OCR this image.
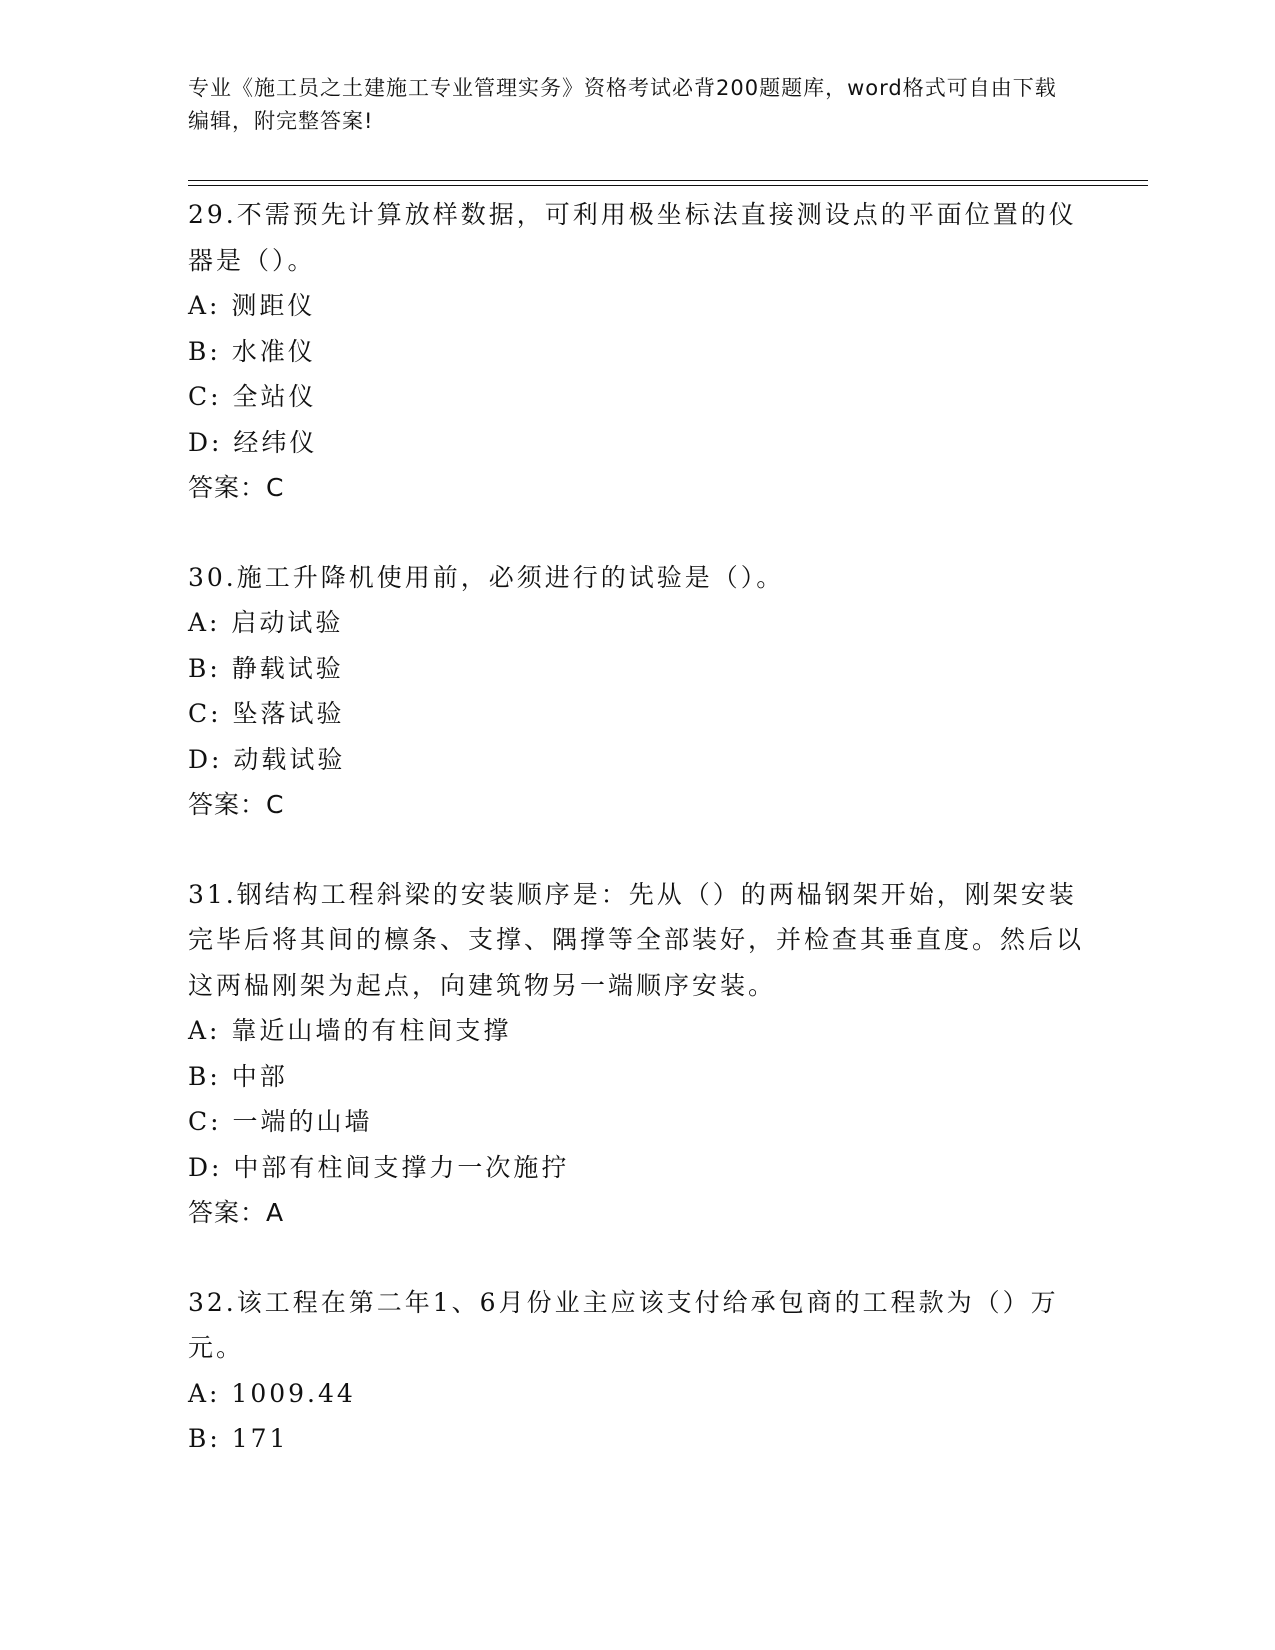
专业《施工员之土建施工专业管理实务》资格考试必背200题题库，word格式可自由下载编辑，附完整答案!
29.不需预先计算放样数据，可利用极坐标法直接测设点的平面位置的仪器是（）。
A: 测距仪
B: 水准仪
C: 全站仪
D: 经纬仪
答案：C
30.施工升降机使用前，必须进行的试验是（）。
A: 启动试验
B: 静载试验
C: 坠落试验
D: 动载试验
答案：C
31.钢结构工程斜梁的安装顺序是：先从（）的两榀钢架开始，刚架安装完毕后将其间的檩条、支撑、隅撑等全部装好，并检查其垂直度。然后以这两榀刚架为起点，向建筑物另一端顺序安装。
A: 靠近山墙的有柱间支撑
B: 中部
C: 一端的山墙
D: 中部有柱间支撑力一次施拧
答案：A
32.该工程在第二年1、6月份业主应该支付给承包商的工程款为（）万元。
A: 1009.44
B: 171
